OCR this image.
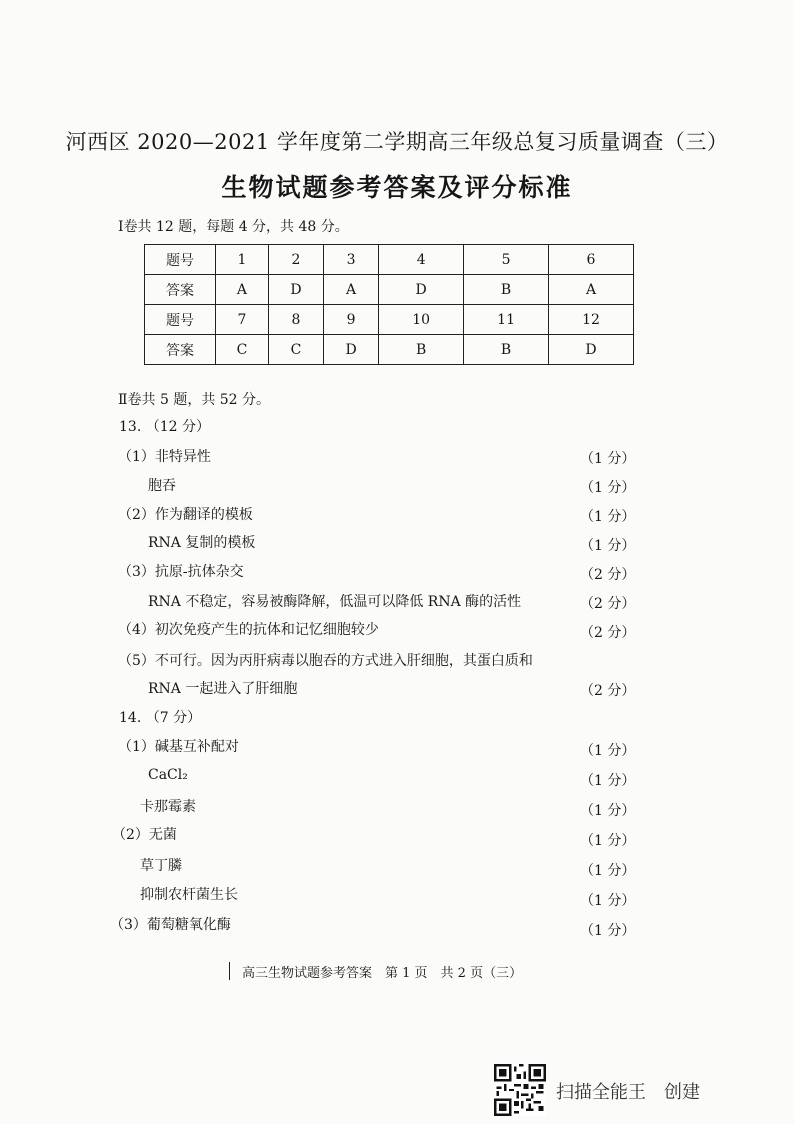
河西区 2020—2021 学年度第二学期高三年级总复习质量调查（三）
生物试题参考答案及评分标准
Ⅰ卷共 12 题，每题 4 分，共 48 分。
题号	1	2	3	4	5	6
答案	A	D	A	D	B	A
题号	7	8	9	10	11	12
答案	C	C	D	B	B	D
Ⅱ卷共 5 题，共 52 分。
13. （12 分）
（1）非特异性	（1 分）
胞吞	（1 分）
（2）作为翻译的模板	（1 分）
RNA 复制的模板	（1 分）
（3）抗原-抗体杂交	（2 分）
RNA 不稳定，容易被酶降解，低温可以降低 RNA 酶的活性	（2 分）
（4）初次免疫产生的抗体和记忆细胞较少	（2 分）
（5）不可行。因为丙肝病毒以胞吞的方式进入肝细胞，其蛋白质和
RNA 一起进入了肝细胞	（2 分）
14. （7 分）
（1）碱基互补配对	（1 分）
CaCl₂	（1 分）
卡那霉素	（1 分）
（2）无菌	（1 分）
草丁膦	（1 分）
抑制农杆菌生长	（1 分）
（3）葡萄糖氧化酶	（1 分）
高三生物试题参考答案　第 1 页　共 2 页（三）
扫描全能王　创建
